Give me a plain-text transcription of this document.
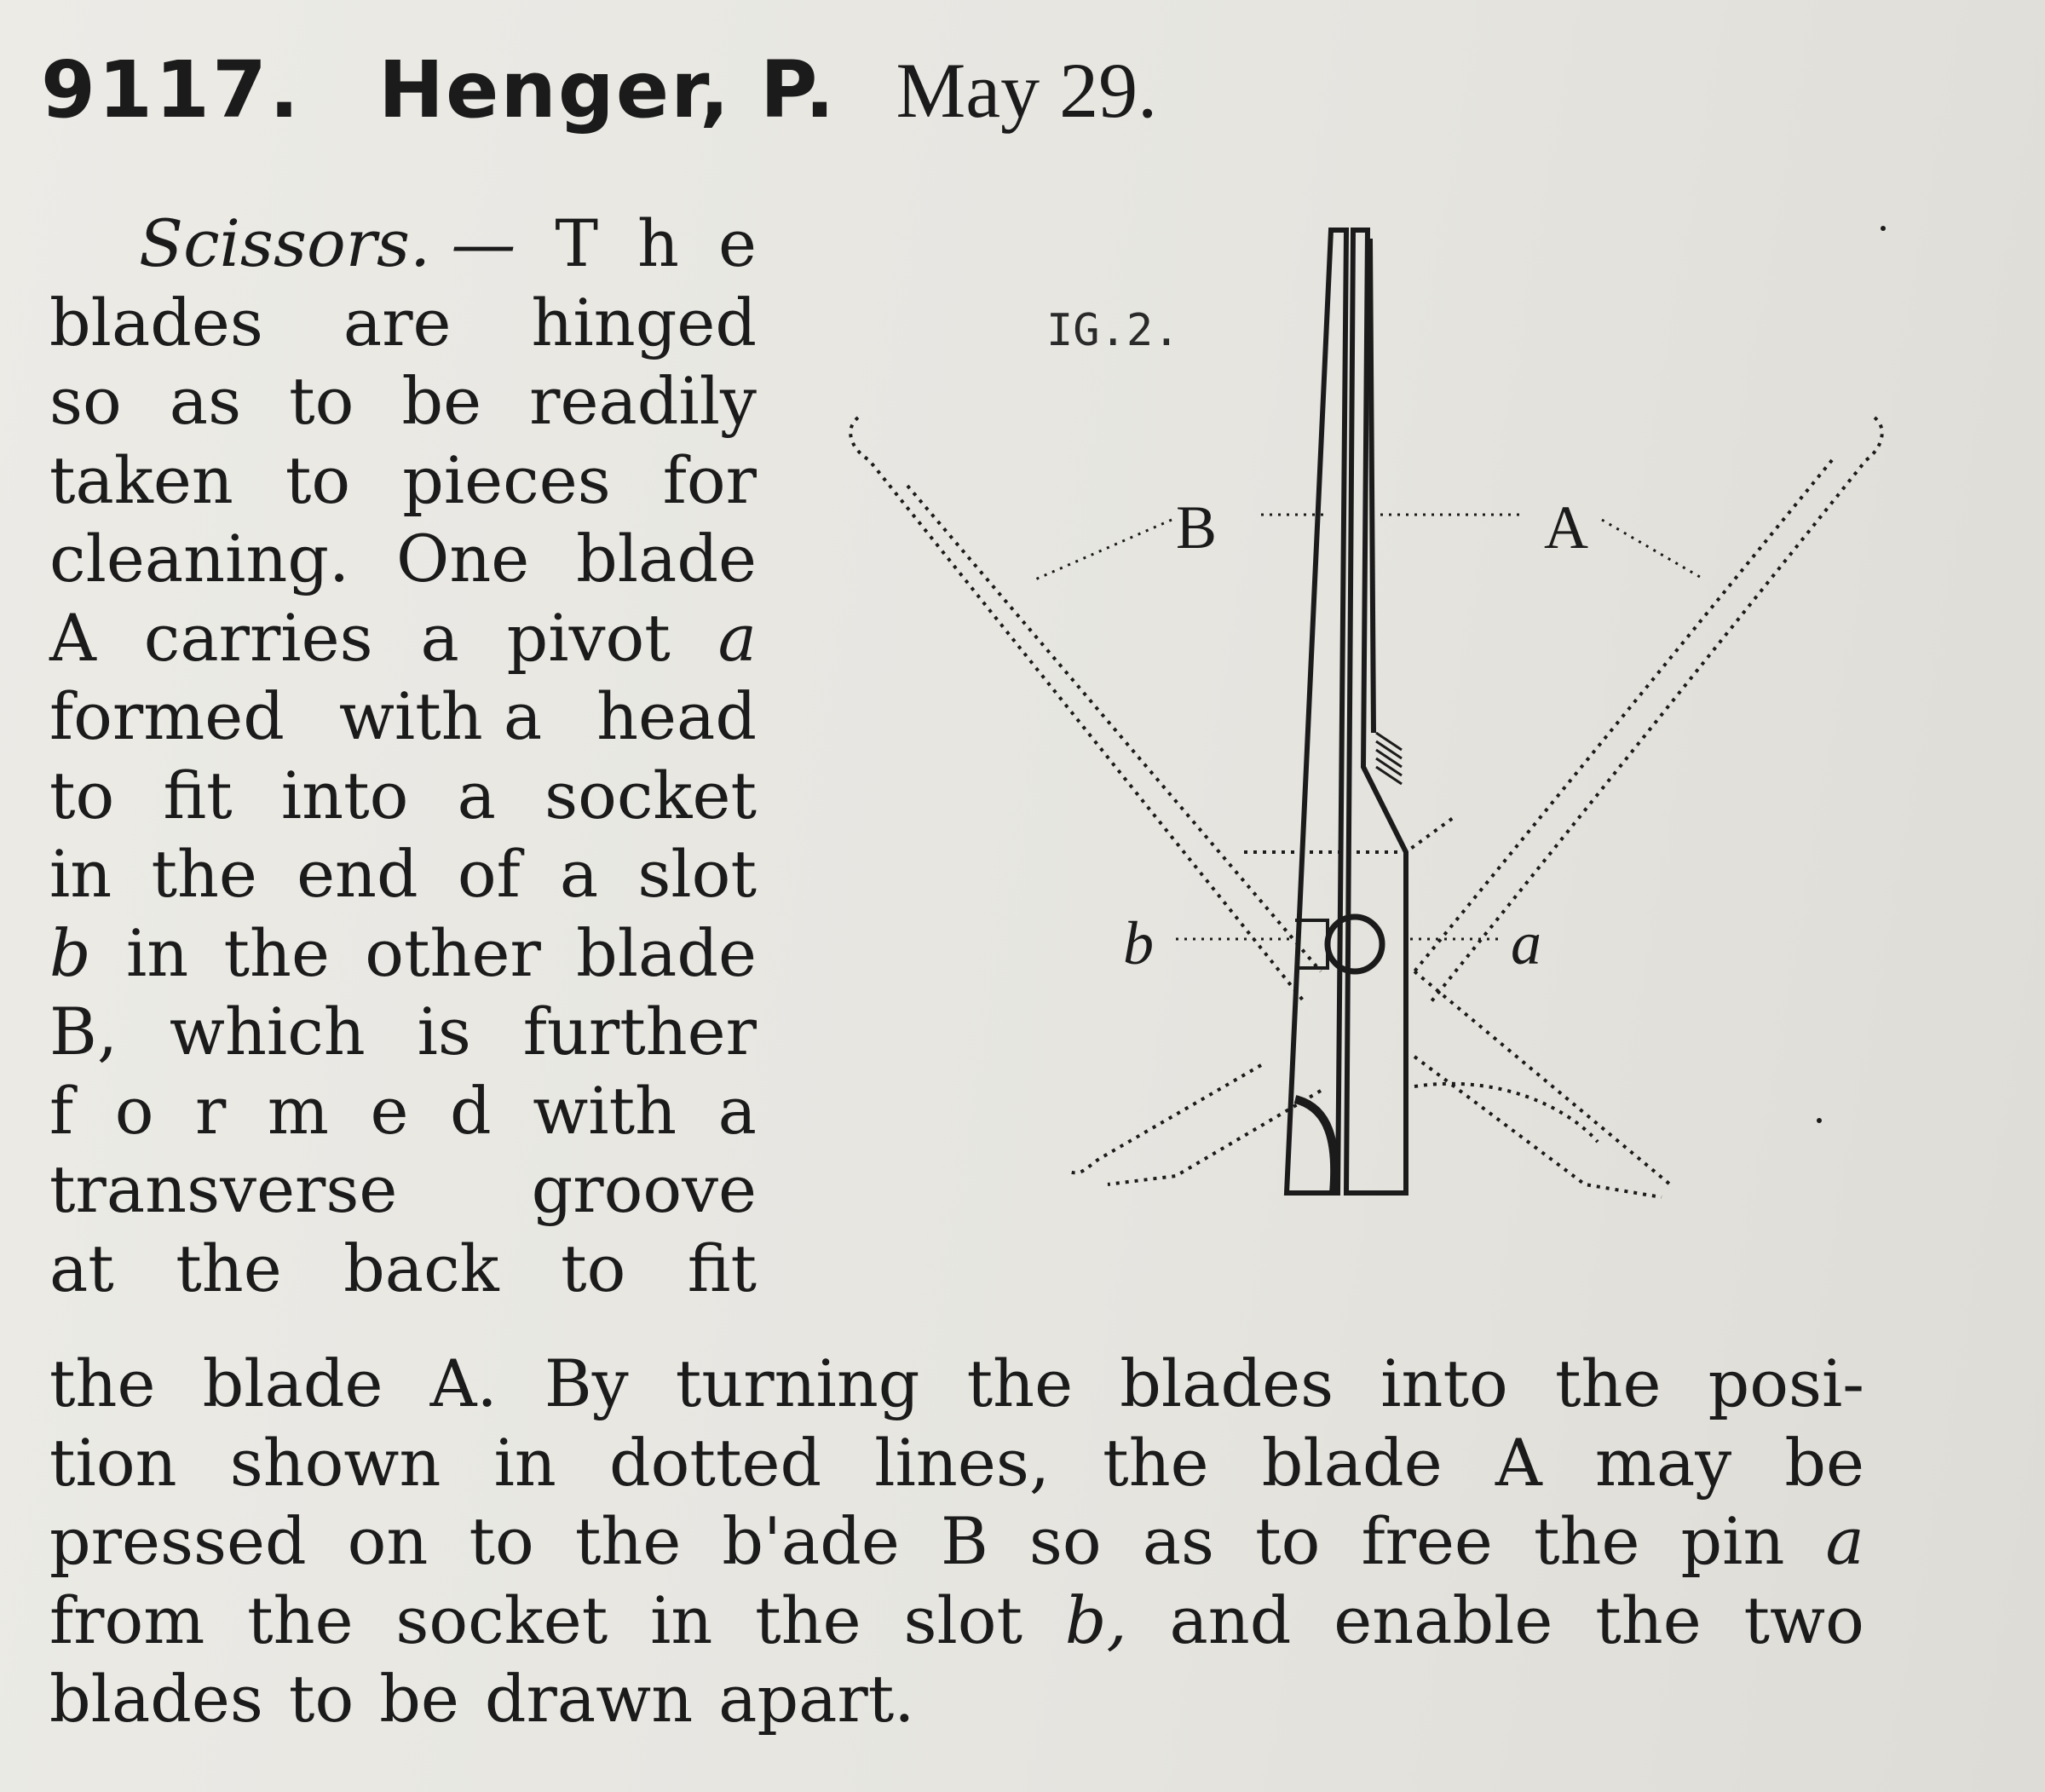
9117. Henger, P. May 29.
Scissors. — T h e
blades are hinged
so as to be readily
taken to pieces for
cleaning. One blade
A carries a pivot a
formed with a head
to fit into a socket
in the end of a slot
b in the other blade
B, which is further
f o r m e d with a
transverse groove
at the back to fit
the blade A. By turning the blades into the posi-
tion shown in dotted lines, the blade A may be
pressed on to the b'ade B so as to free the pin a
from the socket in the slot b, and enable the two
blades to be drawn apart.
IG.2.
B	A
b	a
